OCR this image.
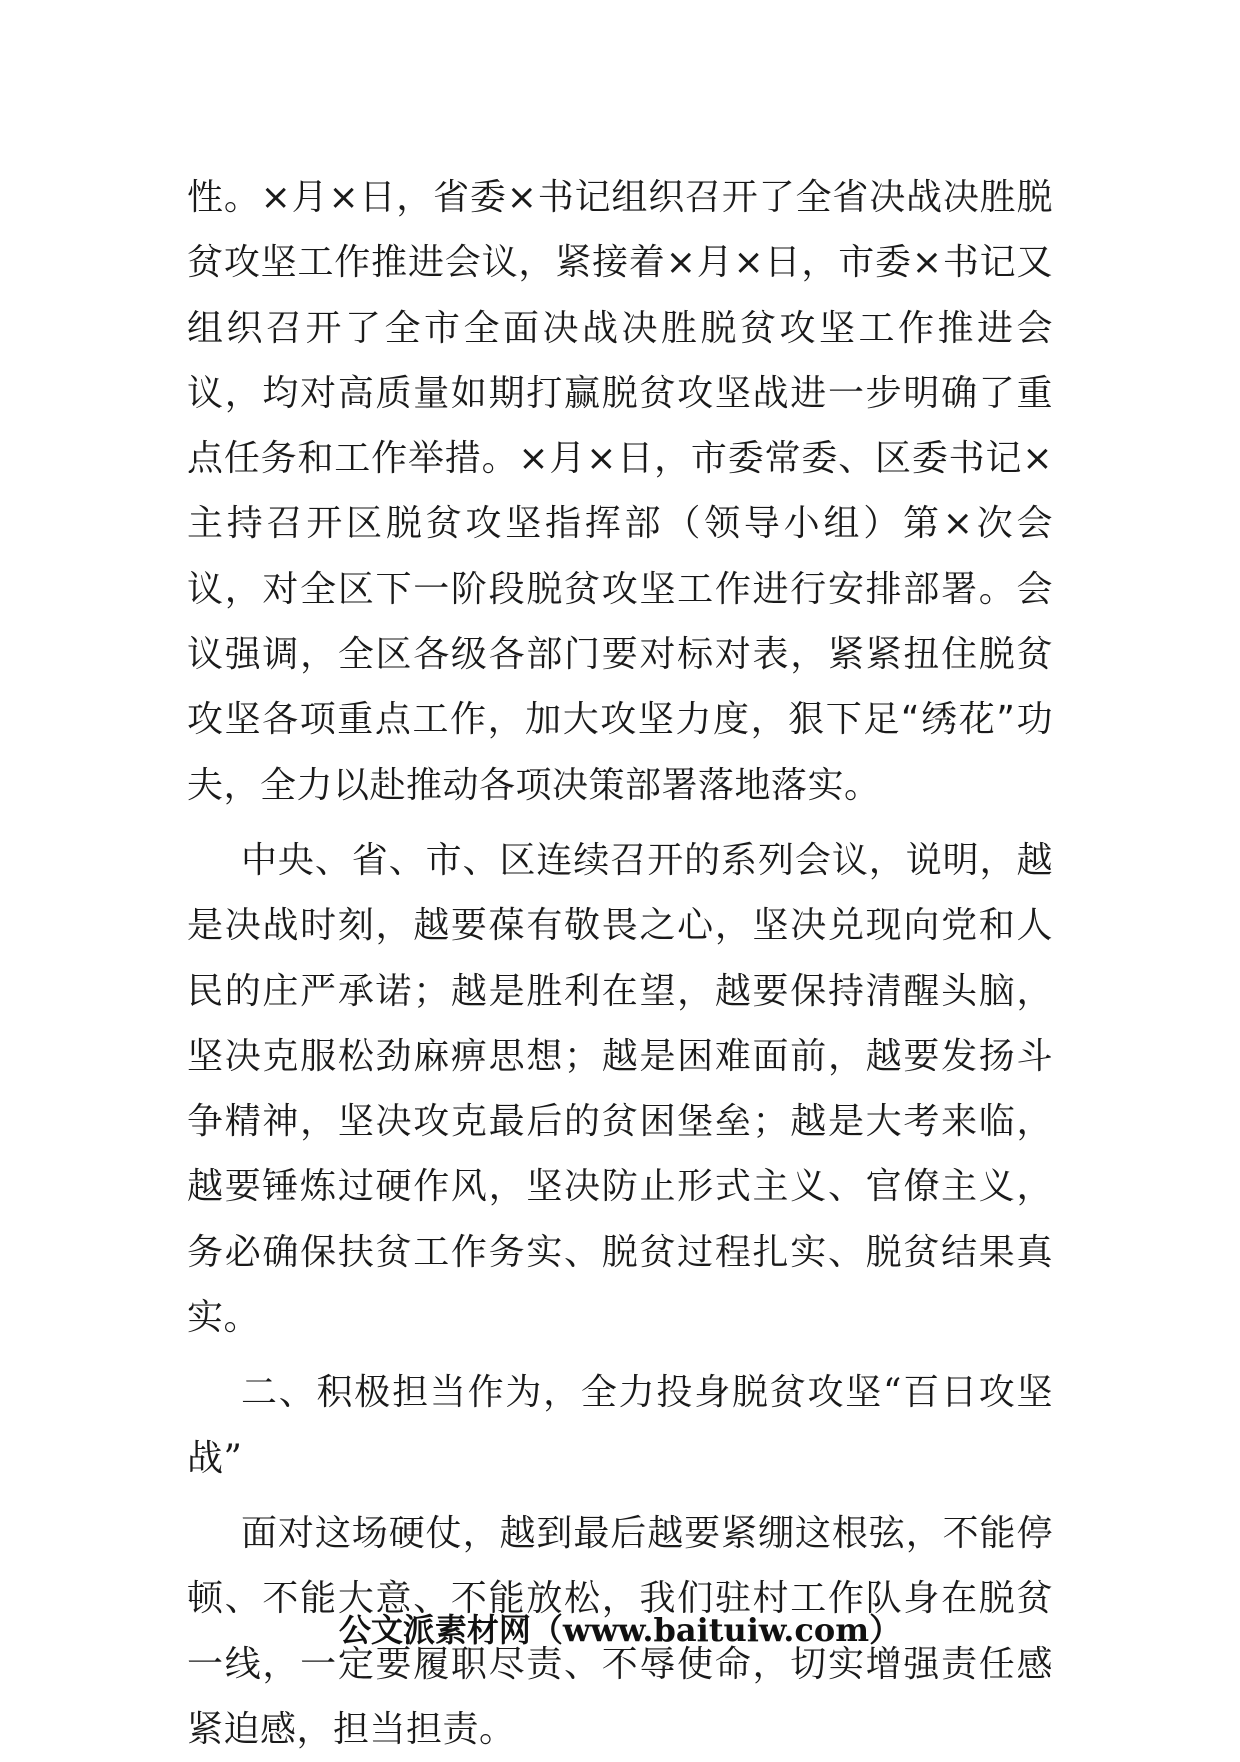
性。×月×日，省委×书记组织召开了全省决战决胜脱贫攻坚工作推进会议，紧接着×月×日，市委×书记又组织召开了全市全面决战决胜脱贫攻坚工作推进会议，均对高质量如期打赢脱贫攻坚战进一步明确了重点任务和工作举措。×月×日，市委常委、区委书记×主持召开区脱贫攻坚指挥部（领导小组）第×次会议，对全区下一阶段脱贫攻坚工作进行安排部署。会议强调，全区各级各部门要对标对表，紧紧扭住脱贫攻坚各项重点工作，加大攻坚力度，狠下足“绣花”功夫，全力以赴推动各项决策部署落地落实。

中央、省、市、区连续召开的系列会议，说明，越是决战时刻，越要葆有敬畏之心，坚决兑现向党和人民的庄严承诺；越是胜利在望，越要保持清醒头脑，坚决克服松劲麻痹思想；越是困难面前，越要发扬斗争精神，坚决攻克最后的贫困堡垒；越是大考来临，越要锤炼过硬作风，坚决防止形式主义、官僚主义，务必确保扶贫工作务实、脱贫过程扎实、脱贫结果真实。

二、积极担当作为，全力投身脱贫攻坚“百日攻坚战”

面对这场硬仗，越到最后越要紧绷这根弦，不能停顿、不能大意、不能放松，我们驻村工作队身在脱贫一线，一定要履职尽责、不辱使命，切实增强责任感紧迫感，担当担责。

公文派素材网（www.baituiw.com）
